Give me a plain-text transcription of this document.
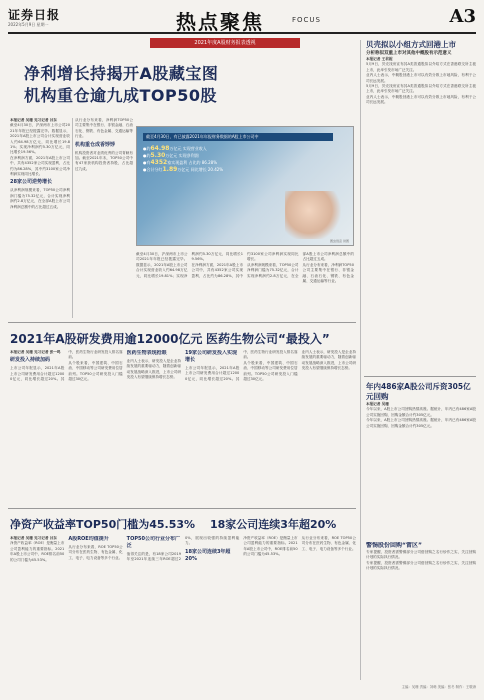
证券日报
2022年5月9日 星期一	热点聚焦	FOCUS	A3
2021年度A股财务报表透视
净利增长持揭开A股藏宝图
机构重仓逾九成TOP50股
本报记者 吴珊 见习记者 吕东

截至4月30日，沪深两市上市公司2021年年报已经披露完毕。数据显示，2021年A股上市公司合计实现营业收入约64.98万亿元，同比增长19.81%；实现净利润约5.30万亿元，同比增长19.56%。

在净利润方面，2021年A股上市公司中，共有4352家公司实现盈利，占比约为86.28%，其中约3100家公司净利润实现同比增长。

28家公司逆势增长

从净利润规模来看，TOP50公司净利润门槛为75.32亿元，合计实现净利润约2.8万亿元，在全部A股上市公司净利润总额中的占比超过五成。

从行业分布来看，净利润TOP50公司主要集中在银行、非银金融、石油石化、钢铁、有色金属、交通运输等行业。

机构重仓成香饽饽

机构投资者对业绩优秀的公司青睐有加。截至2021年末，TOP50公司中有47家获机构投资者持股，占比超过九成。

截至4月30日，有已披露2021年年报财务数据的A股上市公司中
●约64.98万亿元 实现营业收入
●约5.30万亿元 实现净利润
●有4352家实现盈利 占比约 86.28%
●合计分红1.89万亿元 同比增长 20.42%
图虫创意 供图

截至4月30日，沪深两市上市公司2021年年报已经披露完毕。数据显示，2021年A股上市公司合计实现营业收入约64.98万亿元，同比增长19.81%；实现净利润约5.30万亿元，同比增长19.56%。

在净利润方面，2021年A股上市公司中，共有4352家公司实现盈利，占比约为86.28%，其中约3100家公司净利润实现同比增长。

从净利润规模来看，TOP50公司净利润门槛为75.32亿元，合计实现净利润约2.8万亿元，在全部A股上市公司净利润总额中的占比超过五成。

从行业分布来看，净利润TOP50公司主要集中在银行、非银金融、石油石化、钢铁、有色金属、交通运输等行业。

2021年A股研发费用逾12000亿元 医药生物公司“最投入”
本报记者 吴珊 见习记者 张一鸣
研发投入持续加码

上市公司年报显示，2021年A股上市公司研发费用合计超过12000亿元，同比增长超过20%。其中，医药生物行业研发投入排名靠前。

从个股来看，中国建筑、中国石油、中国移动等公司研发费用位居前列。TOP50公司研发投入门槛超过30亿元。

医药生物表现抢眼

业内人士表示，研发投入是企业持续发展的重要驱动力，随着创新驱动发展战略深入推进，上市公司研发投入有望继续保持增长态势。

19家公司研发投入实现增长

上市公司年报显示，2021年A股上市公司研发费用合计超过12000亿元，同比增长超过20%。其中，医药生物行业研发投入排名靠前。

从个股来看，中国建筑、中国石油、中国移动等公司研发费用位居前列。TOP50公司研发投入门槛超过30亿元。

业内人士表示，研发投入是企业持续发展的重要驱动力，随着创新驱动发展战略深入推进，上市公司研发投入有望继续保持增长态势。

净资产收益率TOP50门槛为45.53% 18家公司连续3年超20%
本报记者 吴珊 见习记者 吕东

净资产收益率（ROE）是衡量上市公司盈利能力的重要指标。2021年A股上市公司中，ROE排名前50的公司门槛为45.53%。

A股ROE均值提升

从行业分布来看，ROE TOP50公司分布在医药生物、有色金属、化工、电子、电力设备等多个行业。

TOP50公司行业分布广泛

值得关注的是，有18家公司2019年至2021年连续三年ROE超过20%，展现出较强的持续盈利能力。

18家公司连续3年超20%

净资产收益率（ROE）是衡量上市公司盈利能力的重要指标。2021年A股上市公司中，ROE排名前50的公司门槛为45.53%。

从行业分布来看，ROE TOP50公司分布在医药生物、有色金属、化工、电子、电力设备等多个行业。

贝壳拟以小组方式回港上市
分析称拟双重上市对其他中概股有示范意义
本报记者 王君妮

5月9日，贝壳找房宣布其A类普通股拟以介绍方式在香港联交所主板上市，此举引发市场广泛关注。

业内人士表示，中概股回港上市可以有效分散上市地风险，有利于公司长远发展。

5月9日，贝壳找房宣布其A类普通股拟以介绍方式在香港联交所主板上市，此举引发市场广泛关注。

业内人士表示，中概股回港上市可以有效分散上市地风险，有利于公司长远发展。

年内486家A股公司斥资305亿元回购
本报记者 吴珊

今年以来，A股上市公司回购热情高涨。据统计，年内已有486家A股公司实施回购，回购金额合计约305亿元。

今年以来，A股上市公司回购热情高涨。据统计，年内已有486家A股公司实施回购，回购金额合计约305亿元。

警惕股份回购“雷区”

专家提醒，投资者需警惕部分公司借回购之名行炒作之实，关注回购计划的实际执行情况。

专家提醒，投资者需警惕部分公司借回购之名行炒作之实，关注回购计划的实际执行情况。

主编：吴珊 责编：刘萌 美编：张冬 制作：王敬涛
